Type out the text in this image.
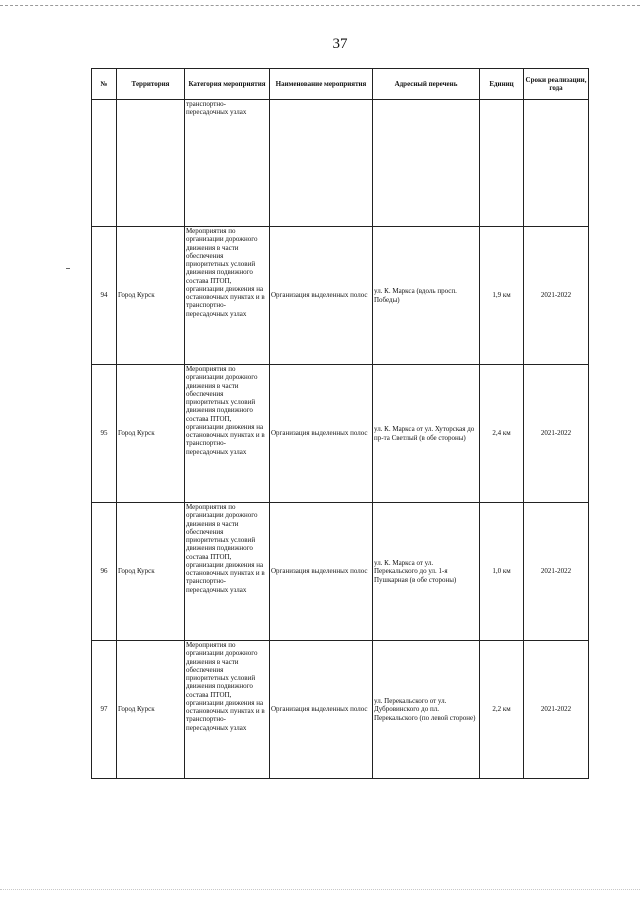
37
№	Территория	Категория мероприятия	Наименование мероприятия	Адресный перечень	Единиц	Сроки реализации, года
		транспортно-пересадочных узлах				
94	Город Курск	Мероприятия по организации дорожного движения в части обеспечения приоритетных условий движения подвижного состава ПТОП, организации движения на остановочных пунктах и в транспортно-пересадочных узлах	Организация выделенных полос	ул. К. Маркса (вдоль просп. Победы)	1,9 км	2021-2022
95	Город Курск	Мероприятия по организации дорожного движения в части обеспечения приоритетных условий движения подвижного состава ПТОП, организации движения на остановочных пунктах и в транспортно-пересадочных узлах	Организация выделенных полос	ул. К. Маркса от ул. Хуторская до пр-та Светлый (в обе стороны)	2,4 км	2021-2022
96	Город Курск	Мероприятия по организации дорожного движения в части обеспечения приоритетных условий движения подвижного состава ПТОП, организации движения на остановочных пунктах и в транспортно-пересадочных узлах	Организация выделенных полос	ул. К. Маркса от ул. Перекальского до ул. 1-я Пушкарная (в обе стороны)	1,0 км	2021-2022
97	Город Курск	Мероприятия по организации дорожного движения в части обеспечения приоритетных условий движения подвижного состава ПТОП, организации движения на остановочных пунктах и в транспортно-пересадочных узлах	Организация выделенных полос	ул. Перекальского от ул. Дубровинского до пл. Перекальского (по левой стороне)	2,2 км	2021-2022
